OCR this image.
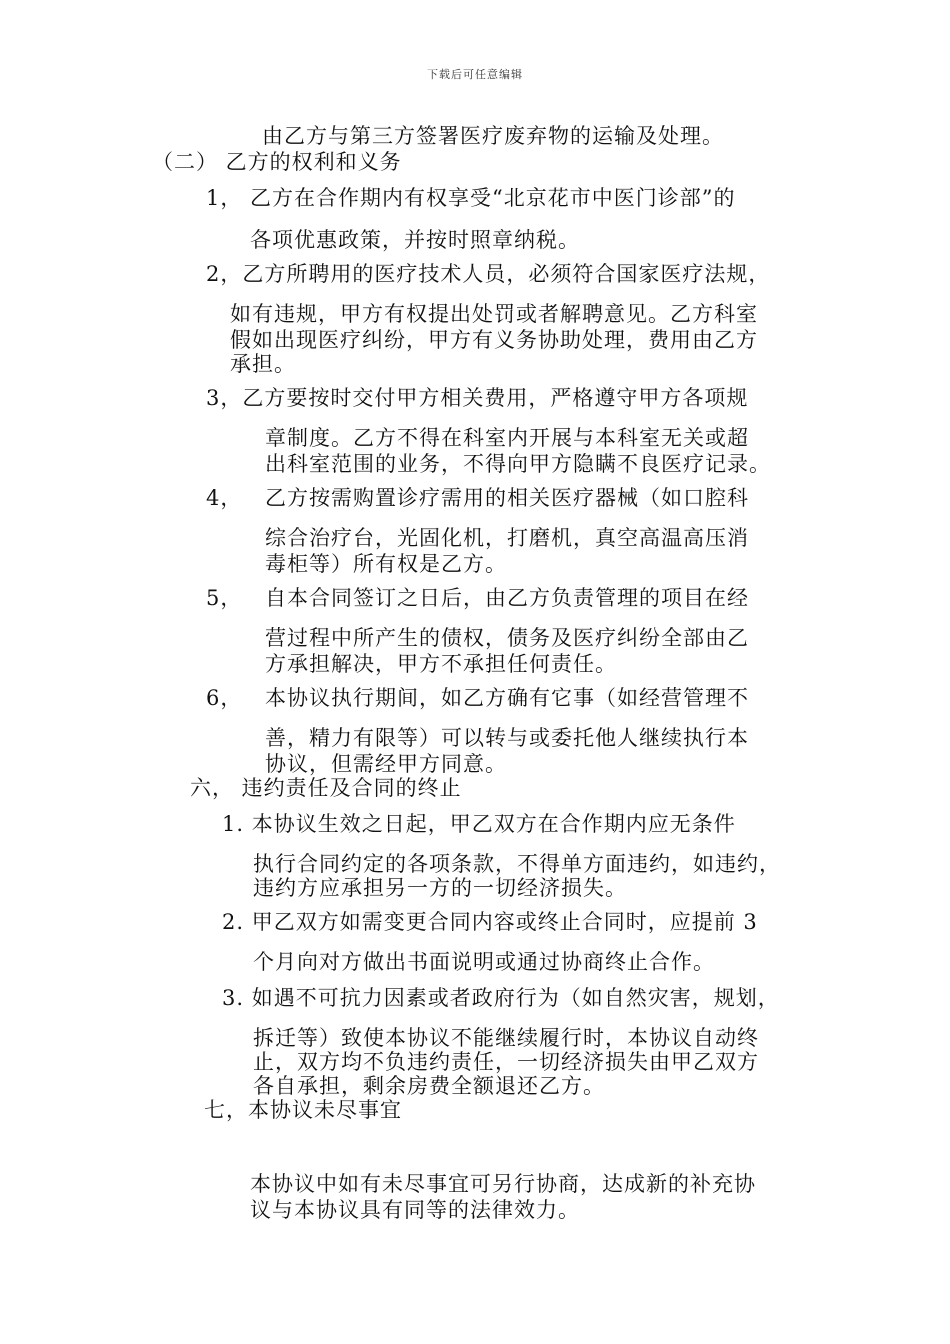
下载后可任意编辑
由乙方与第三方签署医疗废弃物的运输及处理。
（二） 乙方的权利和义务
1， 乙方在合作期内有权享受“北京花市中医门诊部”的
各项优惠政策，并按时照章纳税。
2，乙方所聘用的医疗技术人员，必须符合国家医疗法规，
如有违规，甲方有权提出处罚或者解聘意见。乙方科室
假如出现医疗纠纷，甲方有义务协助处理，费用由乙方
承担。
3，乙方要按时交付甲方相关费用，严格遵守甲方各项规
章制度。乙方不得在科室内开展与本科室无关或超
出科室范围的业务，不得向甲方隐瞒不良医疗记录。
4， 乙方按需购置诊疗需用的相关医疗器械（如口腔科
综合治疗台，光固化机，打磨机，真空高温高压消
毒柜等）所有权是乙方。
5， 自本合同签订之日后，由乙方负责管理的项目在经
营过程中所产生的债权，债务及医疗纠纷全部由乙
方承担解决，甲方不承担任何责任。
6， 本协议执行期间，如乙方确有它事（如经营管理不
善，精力有限等）可以转与或委托他人继续执行本
协议，但需经甲方同意。
六， 违约责任及合同的终止
1. 本协议生效之日起，甲乙双方在合作期内应无条件
执行合同约定的各项条款，不得单方面违约，如违约，
违约方应承担另一方的一切经济损失。
2. 甲乙双方如需变更合同内容或终止合同时，应提前 3
个月向对方做出书面说明或通过协商终止合作。
3. 如遇不可抗力因素或者政府行为（如自然灾害，规划，
拆迁等）致使本协议不能继续履行时，本协议自动终
止，双方均不负违约责任，一切经济损失由甲乙双方
各自承担，剩余房费全额退还乙方。
七，本协议未尽事宜
本协议中如有未尽事宜可另行协商，达成新的补充协
议与本协议具有同等的法律效力。
